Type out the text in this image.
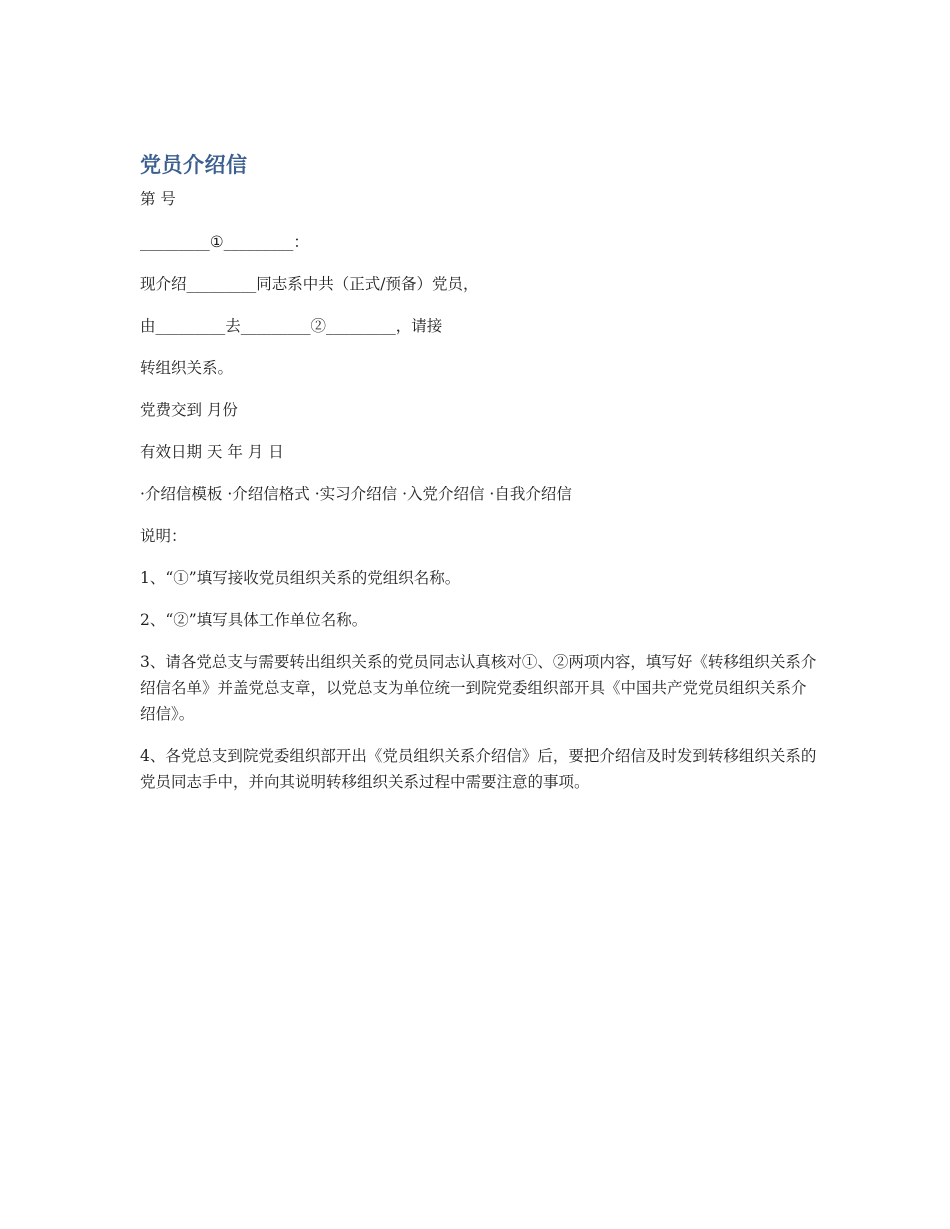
党员介绍信
第 号
_________①_________：
现介绍_________同志系中共（正式/预备）党员，
由_________去_________②_________，请接
转组织关系。
党费交到 月份
有效日期 天 年 月 日
·介绍信模板 ·介绍信格式 ·实习介绍信 ·入党介绍信 ·自我介绍信
说明：
1、“①”填写接收党员组织关系的党组织名称。
2、“②”填写具体工作单位名称。
3、请各党总支与需要转出组织关系的党员同志认真核对①、②两项内容，填写好《转移组织关系介绍信名单》并盖党总支章，以党总支为单位统一到院党委组织部开具《中国共产党党员组织关系介绍信》。
4、各党总支到院党委组织部开出《党员组织关系介绍信》后，要把介绍信及时发到转移组织关系的党员同志手中，并向其说明转移组织关系过程中需要注意的事项。
